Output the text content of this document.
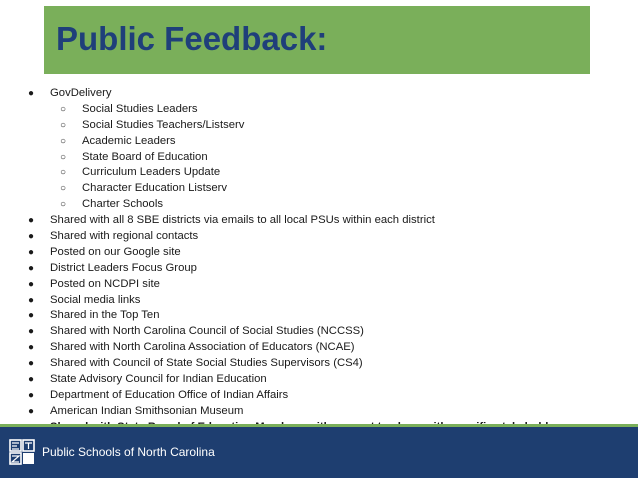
Public Feedback:
● GovDelivery
○ Social Studies Leaders
○ Social Studies Teachers/Listserv
○ Academic Leaders
○ State Board of Education
○ Curriculum Leaders Update
○ Character Education Listserv
○ Charter Schools
● Shared with all 8 SBE districts via emails to all local PSUs within each district
● Shared with regional contacts
● Posted on our Google site
● District Leaders Focus Group
● Posted on NCDPI site
● Social media links
● Shared in the Top Ten
● Shared with North Carolina Council of Social Studies (NCCSS)
● Shared with North Carolina Association of Educators (NCAE)
● Shared with Council of State Social Studies Supervisors (CS4)
● State Advisory Council for Indian Education
● Department of Education Office of Indian Affairs
● American Indian Smithsonian Museum
Public Schools of North Carolina
